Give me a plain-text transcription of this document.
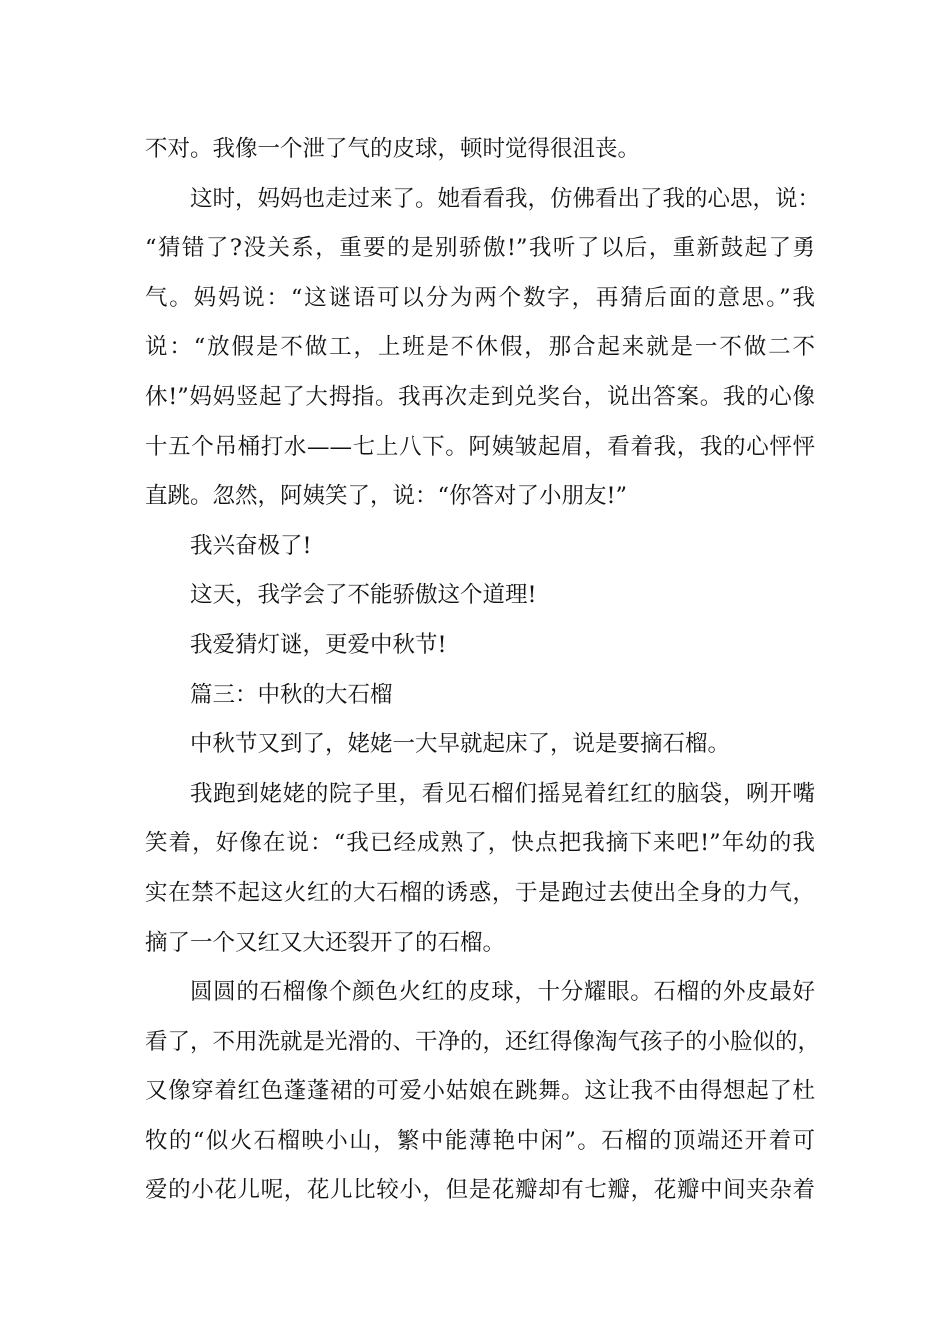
不对。我像一个泄了气的皮球，顿时觉得很沮丧。
这时，妈妈也走过来了。她看看我，仿佛看出了我的心思，说：
“猜错了?没关系，重要的是别骄傲!”我听了以后，重新鼓起了勇
气。妈妈说：“这谜语可以分为两个数字，再猜后面的意思。”我
说：“放假是不做工，上班是不休假，那合起来就是一不做二不
休!”妈妈竖起了大拇指。我再次走到兑奖台，说出答案。我的心像
十五个吊桶打水——七上八下。阿姨皱起眉，看着我，我的心怦怦
直跳。忽然，阿姨笑了，说：“你答对了小朋友!”
我兴奋极了!
这天，我学会了不能骄傲这个道理!
我爱猜灯谜，更爱中秋节!
篇三：中秋的大石榴
中秋节又到了，姥姥一大早就起床了，说是要摘石榴。
我跑到姥姥的院子里，看见石榴们摇晃着红红的脑袋，咧开嘴
笑着，好像在说：“我已经成熟了，快点把我摘下来吧!”年幼的我
实在禁不起这火红的大石榴的诱惑，于是跑过去使出全身的力气，
摘了一个又红又大还裂开了的石榴。
圆圆的石榴像个颜色火红的皮球，十分耀眼。石榴的外皮最好
看了，不用洗就是光滑的、干净的，还红得像淘气孩子的小脸似的，
又像穿着红色蓬蓬裙的可爱小姑娘在跳舞。这让我不由得想起了杜
牧的“似火石榴映小山，繁中能薄艳中闲”。石榴的顶端还开着可
爱的小花儿呢，花儿比较小，但是花瓣却有七瓣，花瓣中间夹杂着
